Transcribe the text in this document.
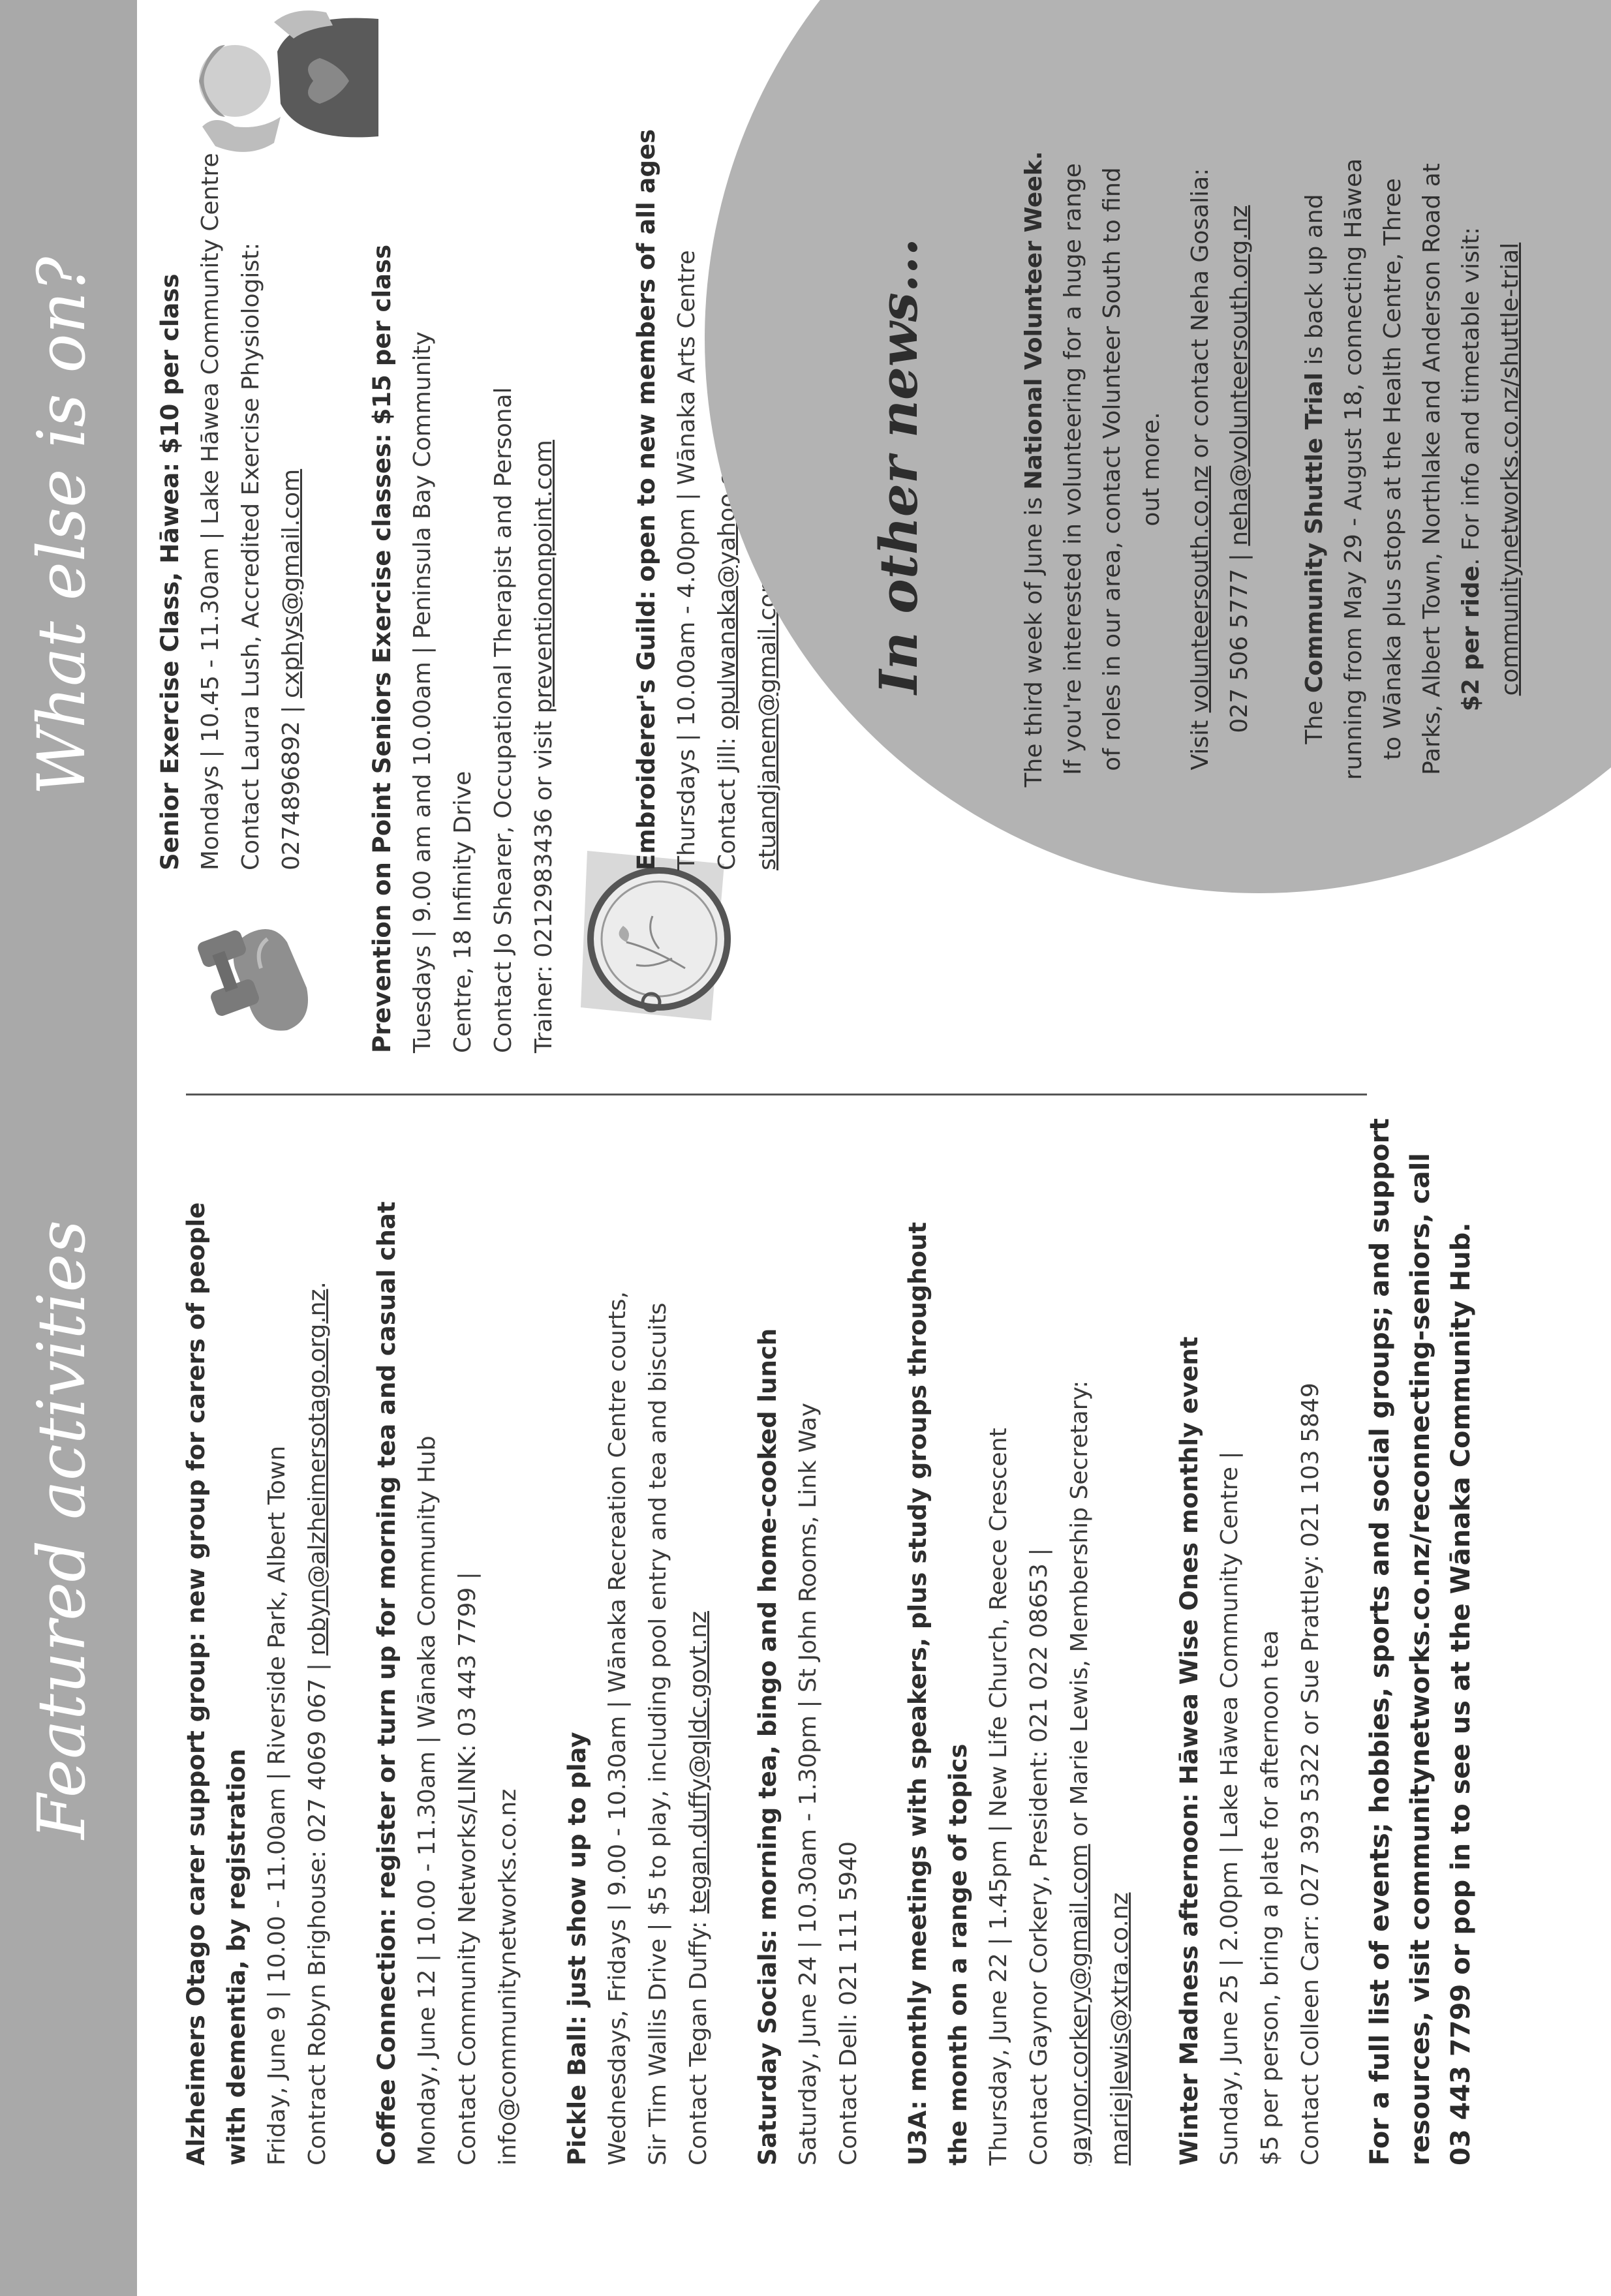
Featured activities
What else is on?
Alzheimers Otago carer support group: new group for carers of people with dementia, by registration Friday, June 9 | 10.00 - 11.00am | Riverside Park, Albert Town Contract Robyn Brighouse: 027 4069 067 | robyn@alzheimersotago.org.nz. Coffee Connection: register or turn up for morning tea and casual chat Monday, June 12 | 10.00 - 11.30am | Wānaka Community Hub Contact Community Networks/LINK: 03 443 7799 | info@communitynetworks.co.nz Pickle Ball: just show up to play Wednesdays, Fridays | 9.00 - 10.30am | Wānaka Recreation Centre courts, Sir Tim Wallis Drive | $5 to play, including pool entry and tea and biscuits Contact Tegan Duffy: tegan.duffy@qldc.govt.nz Saturday Socials: morning tea, bingo and home-cooked lunch Saturday, June 24 | 10.30am - 1.30pm | St John Rooms, Link Way Contact Dell: 021 111 5940 U3A: monthly meetings with speakers, plus study groups throughout the month on a range of topics Thursday, June 22 | 1.45pm | New Life Church, Reece Crescent Contact Gaynor Corkery, President: 021 022 08653 | gaynor.corkery@gmail.com or Marie Lewis, Membership Secretary:
mariejlewis@xtra.co.nz Winter Madness afternoon: Hāwea Wise Ones monthly event Sunday, June 25 | 2.00pm | Lake Hāwea Community Centre | $5 per person, bring a plate for afternoon tea Contact Colleen Carr: 027 393 5322 or Sue Prattley: 021 103 5849 For a full list of events; hobbies, sports and social groups; and support resources, visit communitynetworks.co.nz/reconnecting-seniors, call 03 443 7799 or pop in to see us at the Wānaka Community Hub.
Senior Exercise Class, Hāwea: $10 per class Mondays | 10.45 - 11.30am | Lake Hāwea Community Centre Contact Laura Lush, Accredited Exercise Physiologist: 0274896892 | cxphys@gmail.com	Prevention on Point Seniors Exercise classes: $15 per class Tuesdays | 9.00 am and 10.00am | Peninsula Bay Community Centre, 18 Infinity Drive Contact Jo Shearer, Occupational Therapist and Personal Trainer: 0212983436 or visit preventiononpoint.com	Embroiderer's Guild: open to new members of all ages Thursdays | 10.00am - 4.00pm | Wānaka Arts Centre Contact Jill: opulwanaka@yahoo.co.nz stuandjanem@gmail.com
In other news...	The third week of June is National Volunteer Week. If you're interested in volunteering for a huge range of roles in our area, contact Volunteer South to find out more.
Visit volunteersouth.co.nz or contact Neha Gosalia:
027 506 5777 | neha@volunteersouth.org.nz
The Community Shuttle Trial is back up and running from May 29 - August 18, connecting Hāwea to Wānaka plus stops at the Health Centre, Three Parks, Albert Town, Northlake and Anderson Road at $2 per ride. For info and timetable visit: communitynetworks.co.nz/shuttle-trial
